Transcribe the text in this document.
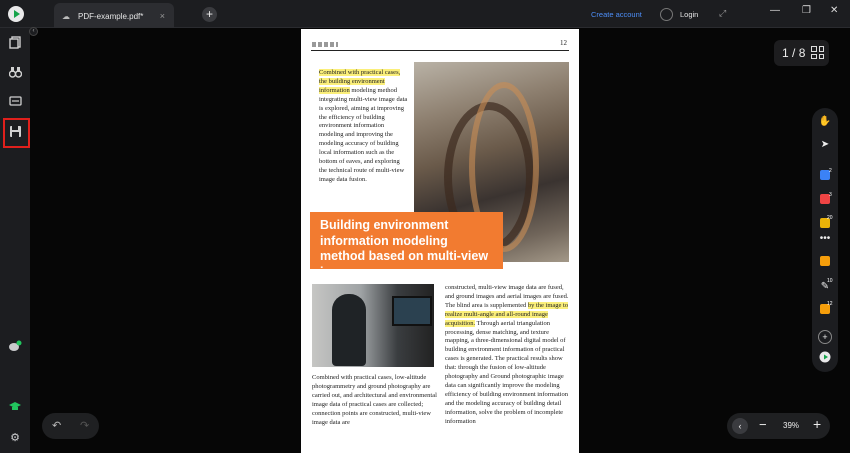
☁ PDF-example.pdf* ×	+	Create account	Login ⤢	— ❐ ✕
⚙
‹
12
Combined with practical cases, the building environment information modeling method integrating multi-view image data is explored, aiming at improving the efficiency of building environment information modeling and improving the modeling accuracy of building local information such as the bottom of eaves, and exploring the technical route of multi-view image data fusion.
Building environment information modeling method based on multi-view image
Combined with practical cases, low-altitude photogrammetry and ground photography are carried out, and architectural and environmental image data of practical cases are collected; connection points are constructed, multi-view image data are
constructed, multi-view image data are fused, and ground images and aerial images are fused. The blind area is supplemented by the image to realize multi-angle and all-round image acquisition. Through aerial triangulation processing, dense matching, and texture mapping, a three-dimensional digital model of building environment information of practical cases is generated. The practical results show that: through the fusion of low-altitude photography and Ground photographic image data can significantly improve the modeling efficiency of building environment information and the modeling accuracy of building detail information, solve the problem of incomplete information
1 / 8
✋
➤
2
3
20
•••
✎
10
12
+
↶ ↷	‹	− 39% +
